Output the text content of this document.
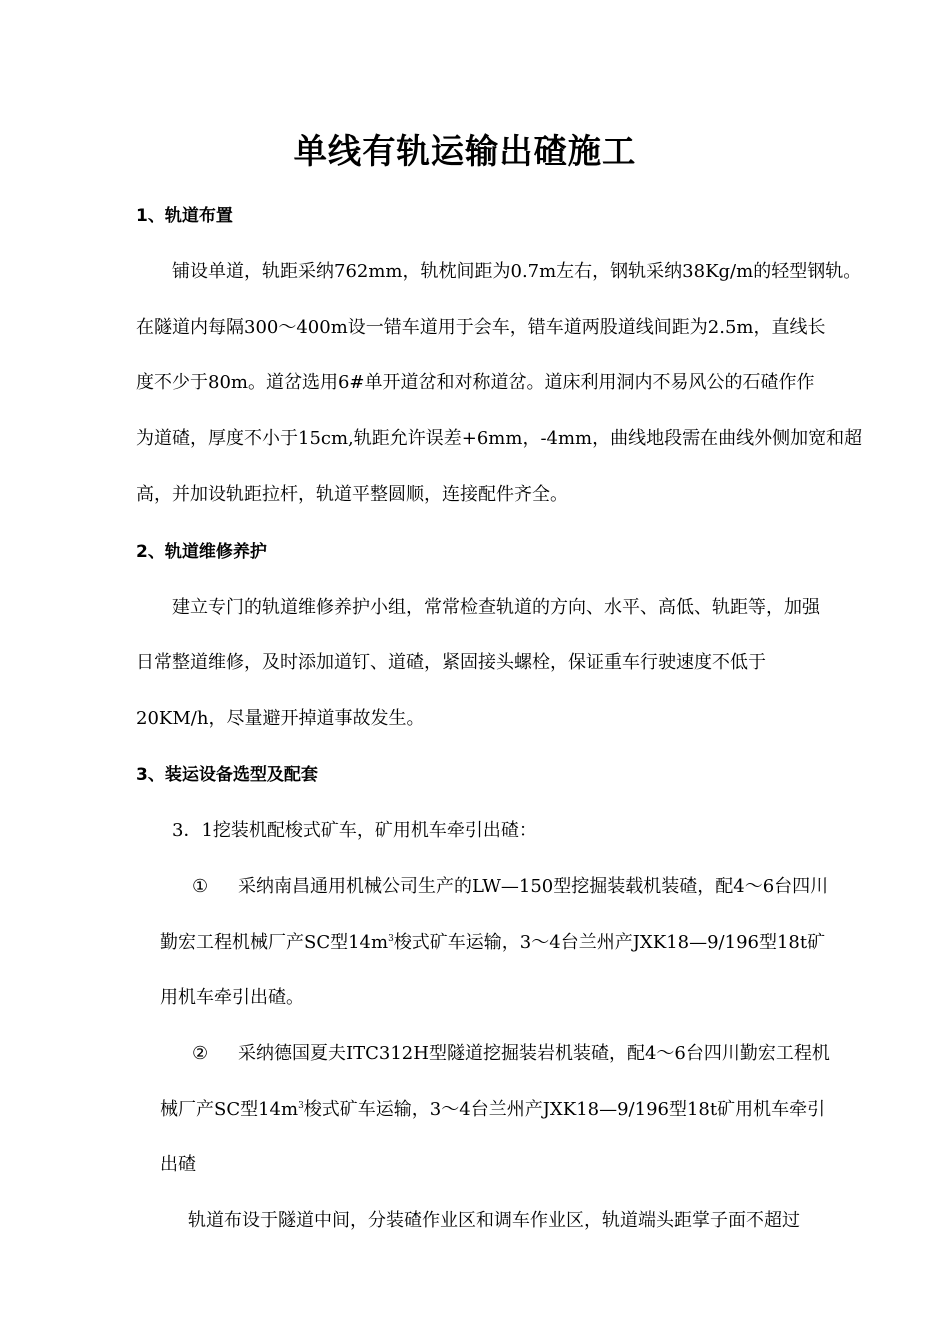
单线有轨运输出碴施工
1、轨道布置
铺设单道，轨距采纳762mm，轨枕间距为0.7m左右，钢轨采纳38Kg/m的轻型钢轨。
在隧道内每隔300～400m设一错车道用于会车，错车道两股道线间距为2.5m，直线长
度不少于80m。道岔选用6#单开道岔和对称道岔。道床利用洞内不易风公的石碴作作
为道碴，厚度不小于15cm,轨距允许误差+6mm，-4mm，曲线地段需在曲线外侧加宽和超
高，并加设轨距拉杆，轨道平整圆顺，连接配件齐全。
2、轨道维修养护
建立专门的轨道维修养护小组，常常检查轨道的方向、水平、高低、轨距等，加强
日常整道维修，及时添加道钉、道碴，紧固接头螺栓，保证重车行驶速度不低于
20KM/h，尽量避开掉道事故发生。
3、装运设备选型及配套
3．1挖装机配梭式矿车，矿用机车牵引出碴：
① 采纳南昌通用机械公司生产的LW—150型挖掘装载机装碴，配4～6台四川
勤宏工程机械厂产SC型$14m^3$梭式矿车运输，3～4台兰州产JXK18—9/196型18t矿
用机车牵引出碴。
② 采纳德国夏夫ITC312H型隧道挖掘装岩机装碴，配4～6台四川勤宏工程机
械厂产SC型$14m^3$梭式矿车运输，3～4台兰州产JXK18—9/196型18t矿用机车牵引
出碴
轨道布设于隧道中间，分装碴作业区和调车作业区，轨道端头距掌子面不超过
